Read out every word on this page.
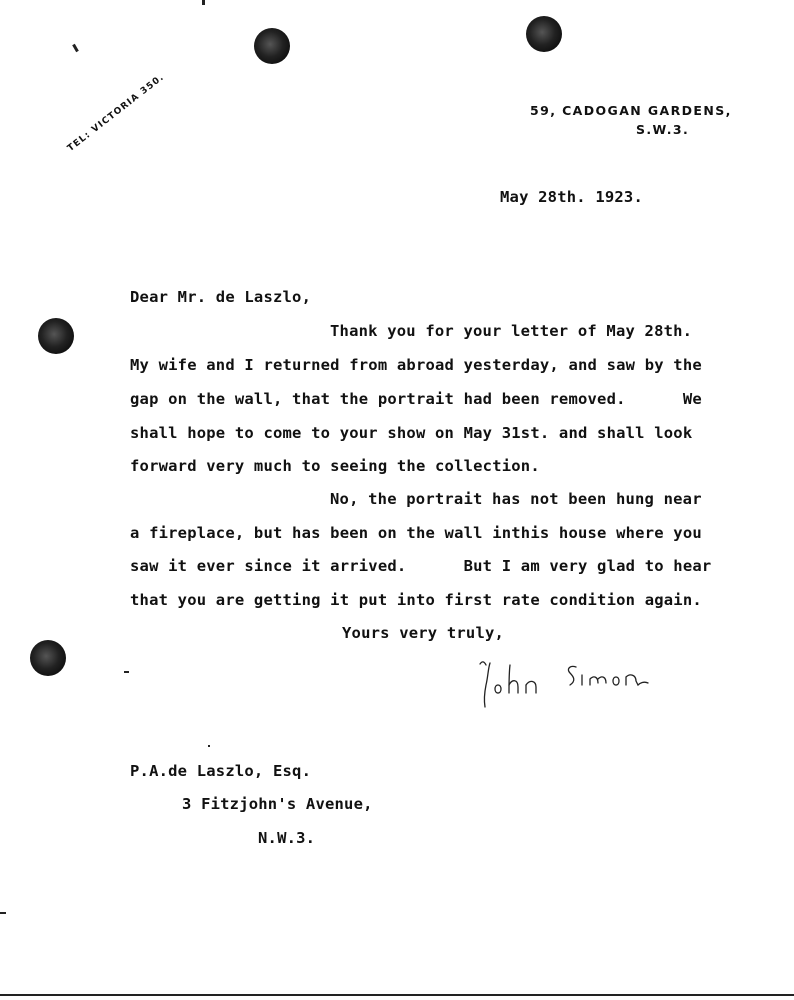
TEL: VICTORIA 350.	59, CADOGAN GARDENS,
S.W.3.
May 28th. 1923.
Dear Mr. de Laszlo,
Thank you for your letter of May 28th.
My wife and I returned from abroad yesterday, and saw by the
gap on the wall, that the portrait had been removed.      We
shall hope to come to your show on May 31st. and shall look
forward very much to seeing the collection.
No, the portrait has not been hung near
a fireplace, but has been on the wall inthis house where you
saw it ever since it arrived.      But I am very glad to hear
that you are getting it put into first rate condition again.
Yours very truly,
P.A.de Laszlo, Esq.
3 Fitzjohn's Avenue,
N.W.3.
